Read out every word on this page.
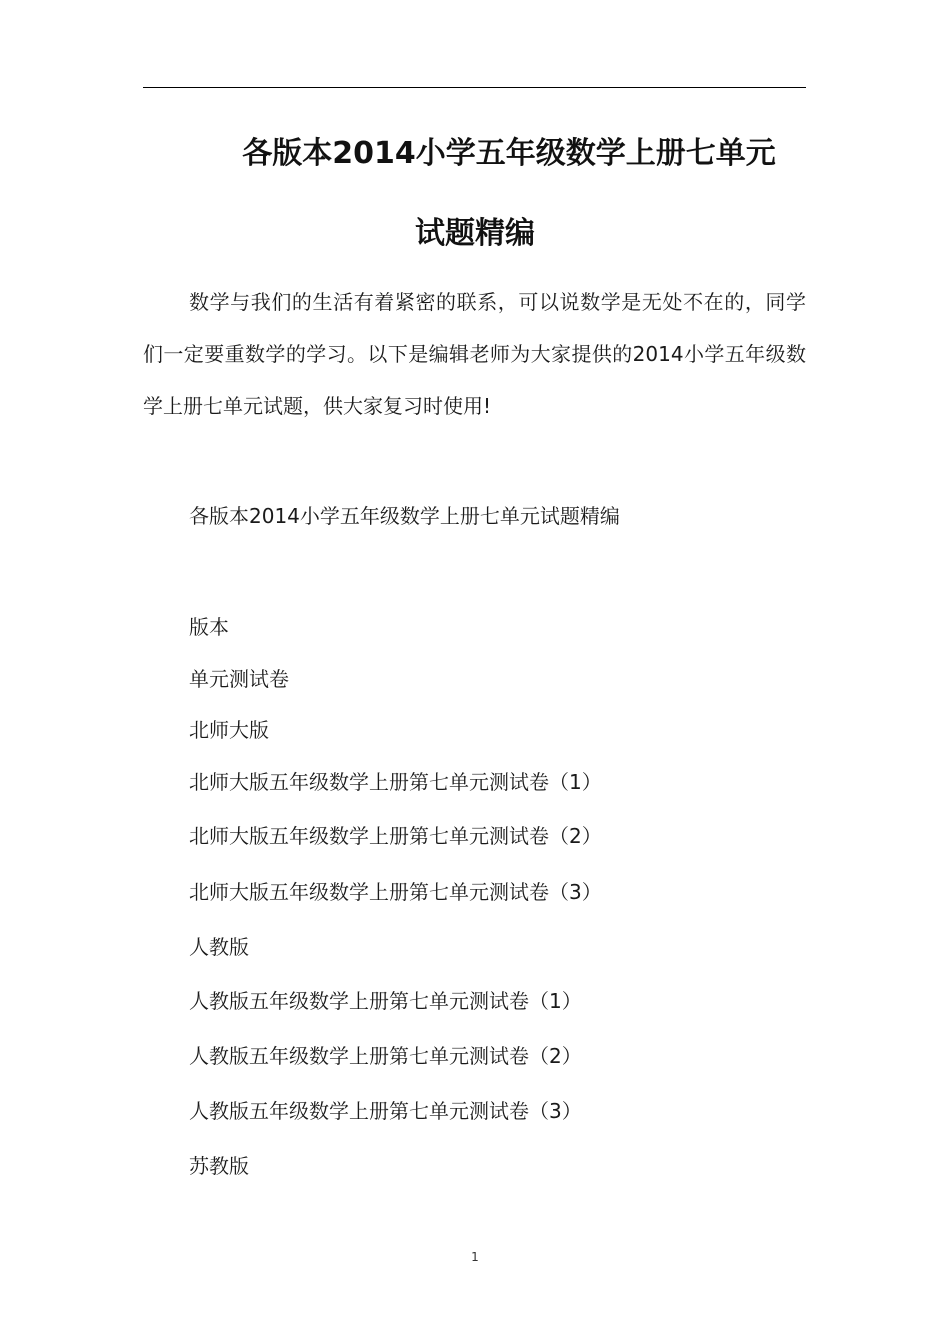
各版本2014小学五年级数学上册七单元
试题精编

数学与我们的生活有着紧密的联系，可以说数学是无处不在的，同学们一定要重数学的学习。以下是编辑老师为大家提供的2014小学五年级数学上册七单元试题，供大家复习时使用!

各版本2014小学五年级数学上册七单元试题精编
版本
单元测试卷
北师大版
北师大版五年级数学上册第七单元测试卷（1）
北师大版五年级数学上册第七单元测试卷（2）
北师大版五年级数学上册第七单元测试卷（3）
人教版
人教版五年级数学上册第七单元测试卷（1）
人教版五年级数学上册第七单元测试卷（2）
人教版五年级数学上册第七单元测试卷（3）
苏教版
1
